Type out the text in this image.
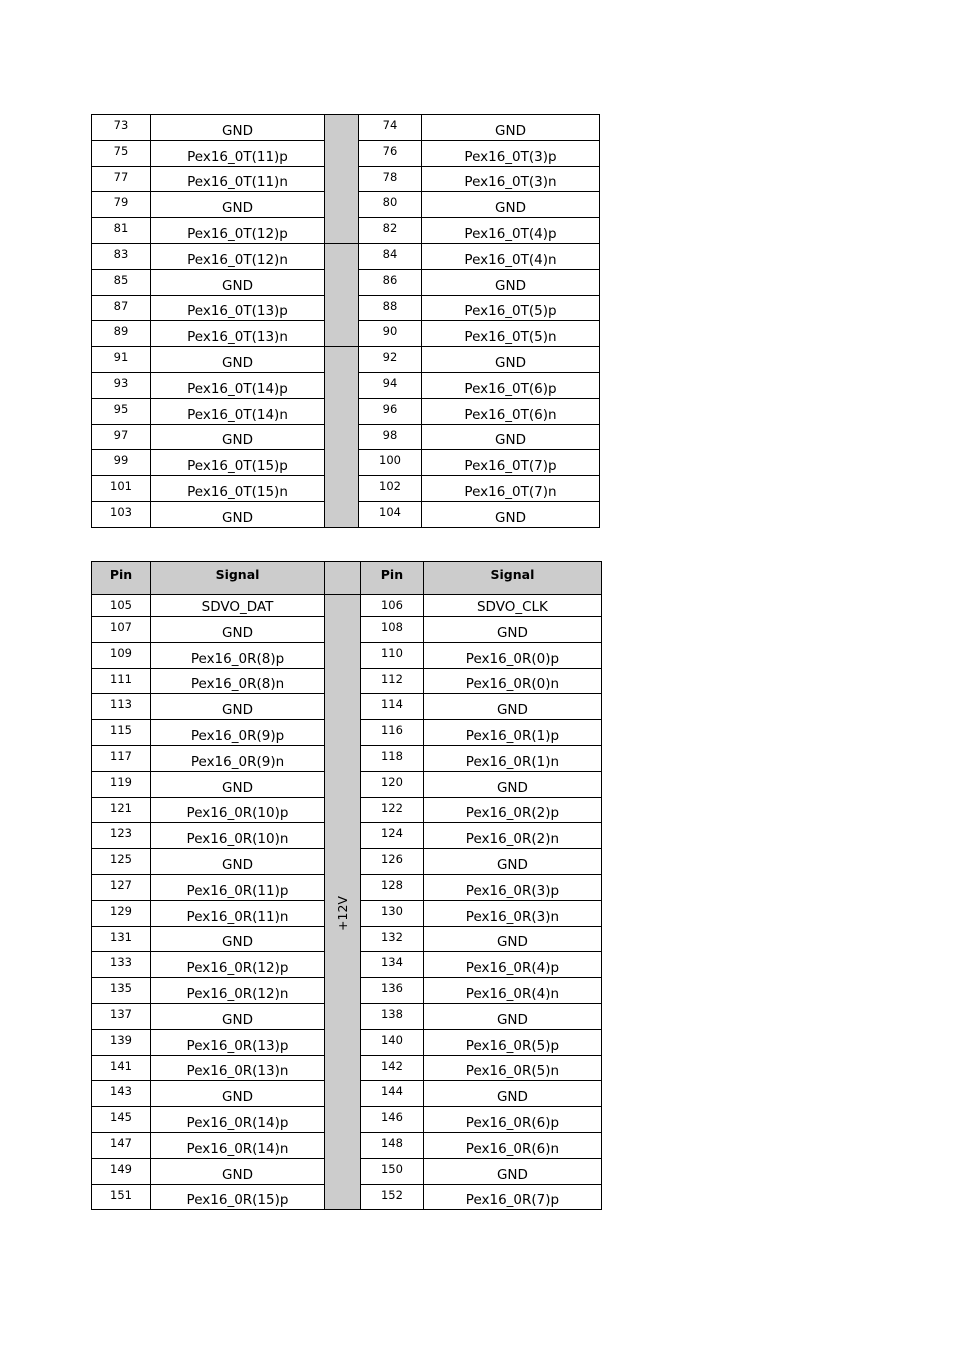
73	GND		74	GND
75	Pex16_0T(11)p		76	Pex16_0T(3)p
77	Pex16_0T(11)n		78	Pex16_0T(3)n
79	GND		80	GND
81	Pex16_0T(12)p		82	Pex16_0T(4)p
83	Pex16_0T(12)n		84	Pex16_0T(4)n
85	GND		86	GND
87	Pex16_0T(13)p		88	Pex16_0T(5)p
89	Pex16_0T(13)n		90	Pex16_0T(5)n
91	GND		92	GND
93	Pex16_0T(14)p		94	Pex16_0T(6)p
95	Pex16_0T(14)n		96	Pex16_0T(6)n
97	GND		98	GND
99	Pex16_0T(15)p		100	Pex16_0T(7)p
101	Pex16_0T(15)n		102	Pex16_0T(7)n
103	GND		104	GND
Pin	Signal		Pin	Signal
105	SDVO_DAT		106	SDVO_CLK
107	GND	+12V	108	GND
109	Pex16_0R(8)p		110	Pex16_0R(0)p
111	Pex16_0R(8)n		112	Pex16_0R(0)n
113	GND		114	GND
115	Pex16_0R(9)p		116	Pex16_0R(1)p
117	Pex16_0R(9)n		118	Pex16_0R(1)n
119	GND		120	GND
121	Pex16_0R(10)p		122	Pex16_0R(2)p
123	Pex16_0R(10)n		124	Pex16_0R(2)n
125	GND		126	GND
127	Pex16_0R(11)p		128	Pex16_0R(3)p
129	Pex16_0R(11)n		130	Pex16_0R(3)n
131	GND		132	GND
133	Pex16_0R(12)p		134	Pex16_0R(4)p
135	Pex16_0R(12)n		136	Pex16_0R(4)n
137	GND		138	GND
139	Pex16_0R(13)p		140	Pex16_0R(5)p
141	Pex16_0R(13)n		142	Pex16_0R(5)n
143	GND		144	GND
145	Pex16_0R(14)p		146	Pex16_0R(6)p
147	Pex16_0R(14)n		148	Pex16_0R(6)n
149	GND		150	GND
151	Pex16_0R(15)p		152	Pex16_0R(7)p
